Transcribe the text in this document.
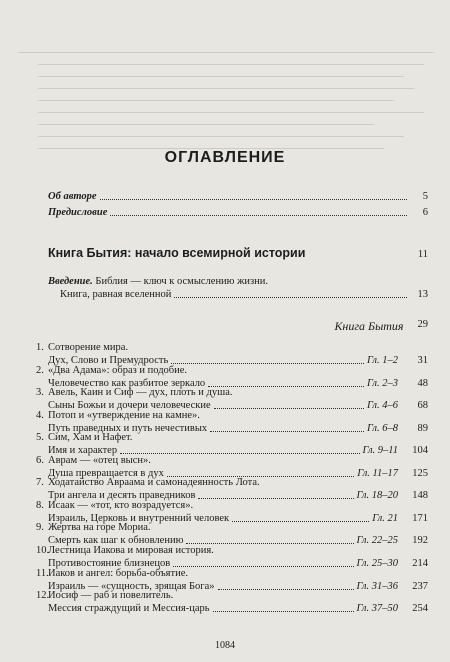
ОГЛАВЛЕНИЕ
Об авторе	5
Предисловие	6
Книга Бытия: начало всемирной истории	11
Введение. Библия — ключ к осмыслению жизни.
Книга, равная вселенной	13
Книга Бытия 29
1. Сотворение мира.
Дух, Слово и Премудрость	Гл. 1–2	31
2. «Два Адама»: образ и подобие.
Человечество как разбитое зеркало	Гл. 2–3	48
3. Авель, Каин и Сиф — дух, плоть и душа.
Сыны Божьи и дочери человеческие	Гл. 4–6	68
4. Потоп и «утверждение на камне».
Путь праведных и путь нечестивых	Гл. 6–8	89
5. Сим, Хам и Нафет.
Имя и характер	Гл. 9–11	104
6. Аврам — «отец высн».
Душа превращается в дух	Гл. 11–17	125
7. Ходатайство Авраама и самонадеянность Лота.
Три ангела и десять праведников	Гл. 18–20	148
8. Исаак — «тот, кто возрадуется».
Израиль, Церковь и внутренний человек	Гл. 21	171
9. Жертва на горе Мориа.
Смерть как шаг к обновлению	Гл. 22–25	192
10.
Лестница Иакова и мировая история.
Противостояние близнецов	Гл. 25–30	214
11. Иаков и ангел: борьба-объятие.
Израиль — «сущность, зрящая Бога»	Гл. 31–36	237
12.
Иосиф — раб и повелитель.
Мессия страждущий и Мессия-царь	Гл. 37–50	254
1084
